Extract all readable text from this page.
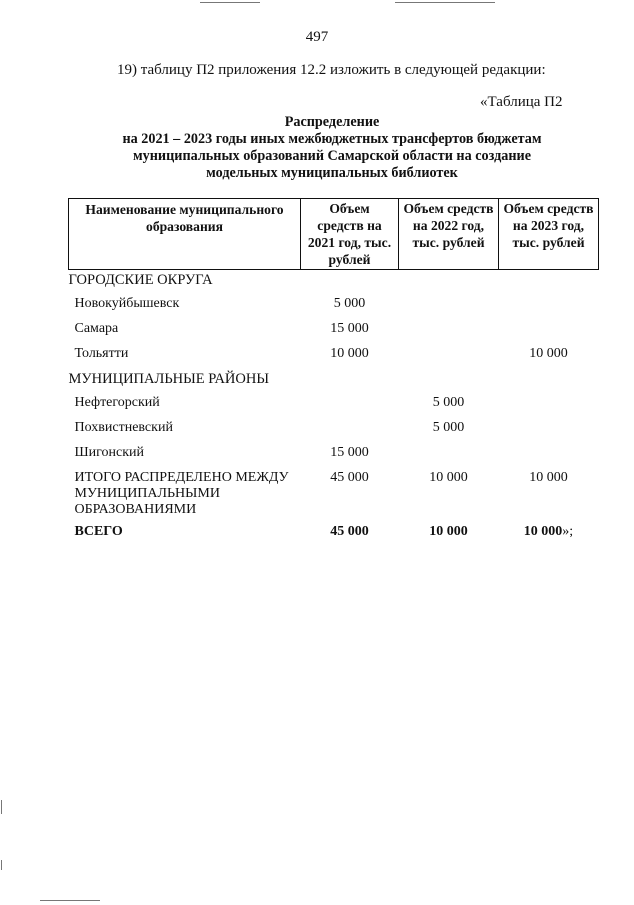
497
19) таблицу П2 приложения 12.2 изложить в следующей редакции:
«Таблица П2
Распределение
на 2021 – 2023 годы иных межбюджетных трансфертов бюджетам
муниципальных образований Самарской области на создание
модельных муниципальных библиотек
Наименование муниципального образования	Объем средств на 2021 год, тыс. рублей	Объем средств на 2022 год, тыс. рублей	Объем средств на 2023 год, тыс. рублей
ГОРОДСКИЕ ОКРУГА			
Новокуйбышевск	5 000		
Самара	15 000		
Тольятти	10 000		10 000
МУНИЦИПАЛЬНЫЕ РАЙОНЫ			
Нефтегорский		5 000	
Похвистневский		5 000	
Шигонский	15 000		
ИТОГО РАСПРЕДЕЛЕНО МЕЖДУ МУНИЦИПАЛЬНЫМИ ОБРАЗОВАНИЯМИ	45 000	10 000	10 000
ВСЕГО	45 000	10 000	10 000»;
